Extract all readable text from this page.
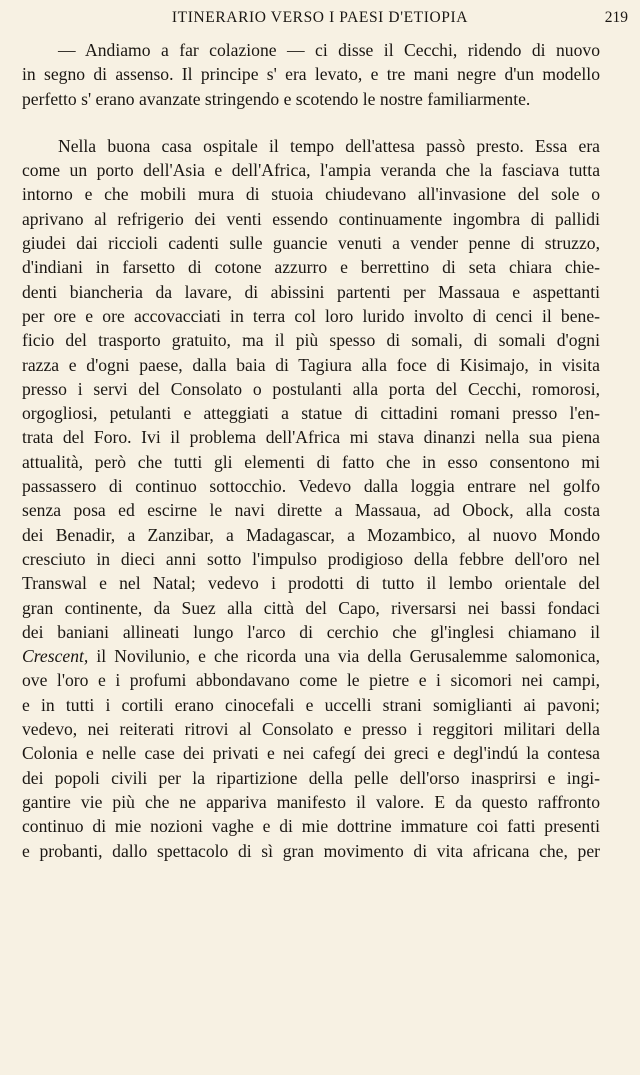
ITINERARIO VERSO I PAESI D'ETIOPIA	219
— Andiamo a far colazione — ci disse il Cecchi, ridendo di nuovo
in segno di assenso. Il principe s' era levato, e tre mani negre d'un modello
perfetto s' erano avanzate stringendo e scotendo le nostre familiarmente.
Nella buona casa ospitale il tempo dell'attesa passò presto. Essa era
come un porto dell'Asia e dell'Africa, l'ampia veranda che la fasciava tutta
intorno e che mobili mura di stuoia chiudevano all'invasione del sole o
aprivano al refrigerio dei venti essendo continuamente ingombra di pallidi
giudei dai riccioli cadenti sulle guancie venuti a vender penne di struzzo,
d'indiani in farsetto di cotone azzurro e berrettino di seta chiara chie-
denti biancheria da lavare, di abissini partenti per Massaua e aspettanti
per ore e ore accovacciati in terra col loro lurido involto di cenci il bene-
ficio del trasporto gratuito, ma il più spesso di somali, di somali d'ogni
razza e d'ogni paese, dalla baia di Tagiura alla foce di Kisimajo, in visita
presso i servi del Consolato o postulanti alla porta del Cecchi, romorosi,
orgogliosi, petulanti e atteggiati a statue di cittadini romani presso l'en-
trata del Foro. Ivi il problema dell'Africa mi stava dinanzi nella sua piena
attualità, però che tutti gli elementi di fatto che in esso consentono mi
passassero di continuo sottocchio. Vedevo dalla loggia entrare nel golfo
senza posa ed escirne le navi dirette a Massaua, ad Obock, alla costa
dei Benadir, a Zanzibar, a Madagascar, a Mozambico, al nuovo Mondo
cresciuto in dieci anni sotto l'impulso prodigioso della febbre dell'oro nel
Transwal e nel Natal; vedevo i prodotti di tutto il lembo orientale del
gran continente, da Suez alla città del Capo, riversarsi nei bassi fondaci
dei baniani allineati lungo l'arco di cerchio che gl'inglesi chiamano il
Crescent, il Novilunio, e che ricorda una via della Gerusalemme salomonica,
ove l'oro e i profumi abbondavano come le pietre e i sicomori nei campi,
e in tutti i cortili erano cinocefali e uccelli strani somiglianti ai pavoni;
vedevo, nei reiterati ritrovi al Consolato e presso i reggitori militari della
Colonia e nelle case dei privati e nei cafegí dei greci e degl'indú la contesa
dei popoli civili per la ripartizione della pelle dell'orso inasprirsi e ingi-
gantire vie più che ne appariva manifesto il valore. E da questo raffronto
continuo di mie nozioni vaghe e di mie dottrine immature coi fatti presenti
e probanti, dallo spettacolo di sì gran movimento di vita africana che, per
